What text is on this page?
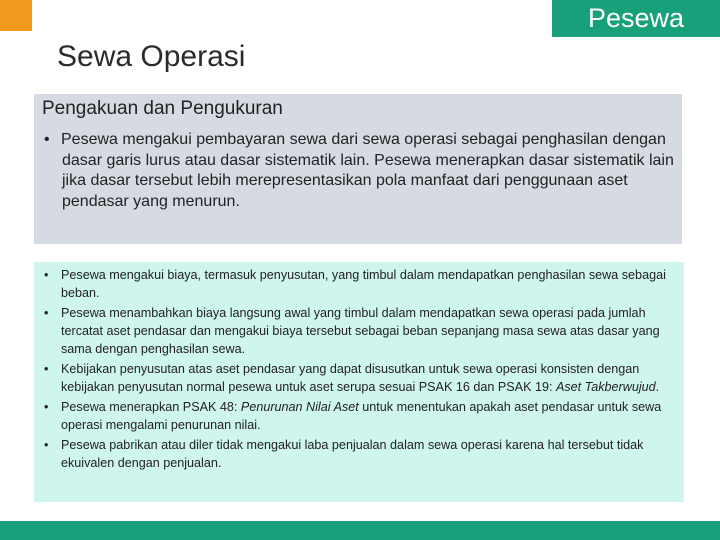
Pesewa
Sewa Operasi
Pengakuan dan Pengukuran
• Pesewa mengakui pembayaran sewa dari sewa operasi sebagai penghasilan dengan dasar garis lurus atau dasar sistematik lain. Pesewa menerapkan dasar sistematik lain jika dasar tersebut lebih merepresentasikan pola manfaat dari penggunaan aset pendasar yang menurun.
• Pesewa mengakui biaya, termasuk penyusutan, yang timbul dalam mendapatkan penghasilan sewa sebagai beban.
• Pesewa menambahkan biaya langsung awal yang timbul dalam mendapatkan sewa operasi pada jumlah tercatat aset pendasar dan mengakui biaya tersebut sebagai beban sepanjang masa sewa atas dasar yang sama dengan penghasilan sewa.
• Kebijakan penyusutan atas aset pendasar yang dapat disusutkan untuk sewa operasi konsisten dengan kebijakan penyusutan normal pesewa untuk aset serupa sesuai PSAK 16 dan PSAK 19: Aset Takberwujud.
• Pesewa menerapkan PSAK 48: Penurunan Nilai Aset untuk menentukan apakah aset pendasar untuk sewa operasi mengalami penurunan nilai.
• Pesewa pabrikan atau diler tidak mengakui laba penjualan dalam sewa operasi karena hal tersebut tidak ekuivalen dengan penjualan.
